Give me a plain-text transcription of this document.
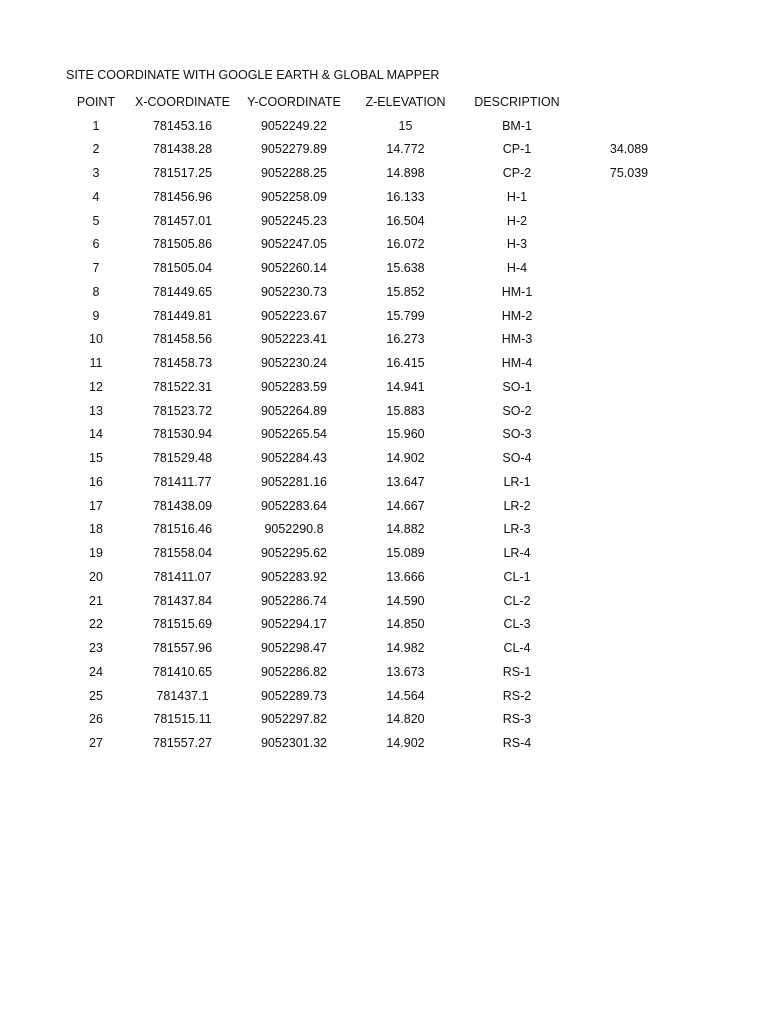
SITE COORDINATE WITH GOOGLE EARTH & GLOBAL MAPPER
POINT	X-COORDINATE	Y-COORDINATE	Z-ELEVATION	DESCRIPTION
1	781453.16	9052249.22	15	BM-1
2	781438.28	9052279.89	14.772	CP-1	34.089
3	781517.25	9052288.25	14.898	CP-2	75.039
4	781456.96	9052258.09	16.133	H-1
5	781457.01	9052245.23	16.504	H-2
6	781505.86	9052247.05	16.072	H-3
7	781505.04	9052260.14	15.638	H-4
8	781449.65	9052230.73	15.852	HM-1
9	781449.81	9052223.67	15.799	HM-2
10	781458.56	9052223.41	16.273	HM-3
11	781458.73	9052230.24	16.415	HM-4
12	781522.31	9052283.59	14.941	SO-1
13	781523.72	9052264.89	15.883	SO-2
14	781530.94	9052265.54	15.960	SO-3
15	781529.48	9052284.43	14.902	SO-4
16	781411.77	9052281.16	13.647	LR-1
17	781438.09	9052283.64	14.667	LR-2
18	781516.46	9052290.8	14.882	LR-3
19	781558.04	9052295.62	15.089	LR-4
20	781411.07	9052283.92	13.666	CL-1
21	781437.84	9052286.74	14.590	CL-2
22	781515.69	9052294.17	14.850	CL-3
23	781557.96	9052298.47	14.982	CL-4
24	781410.65	9052286.82	13.673	RS-1
25	781437.1	9052289.73	14.564	RS-2
26	781515.11	9052297.82	14.820	RS-3
27	781557.27	9052301.32	14.902	RS-4
